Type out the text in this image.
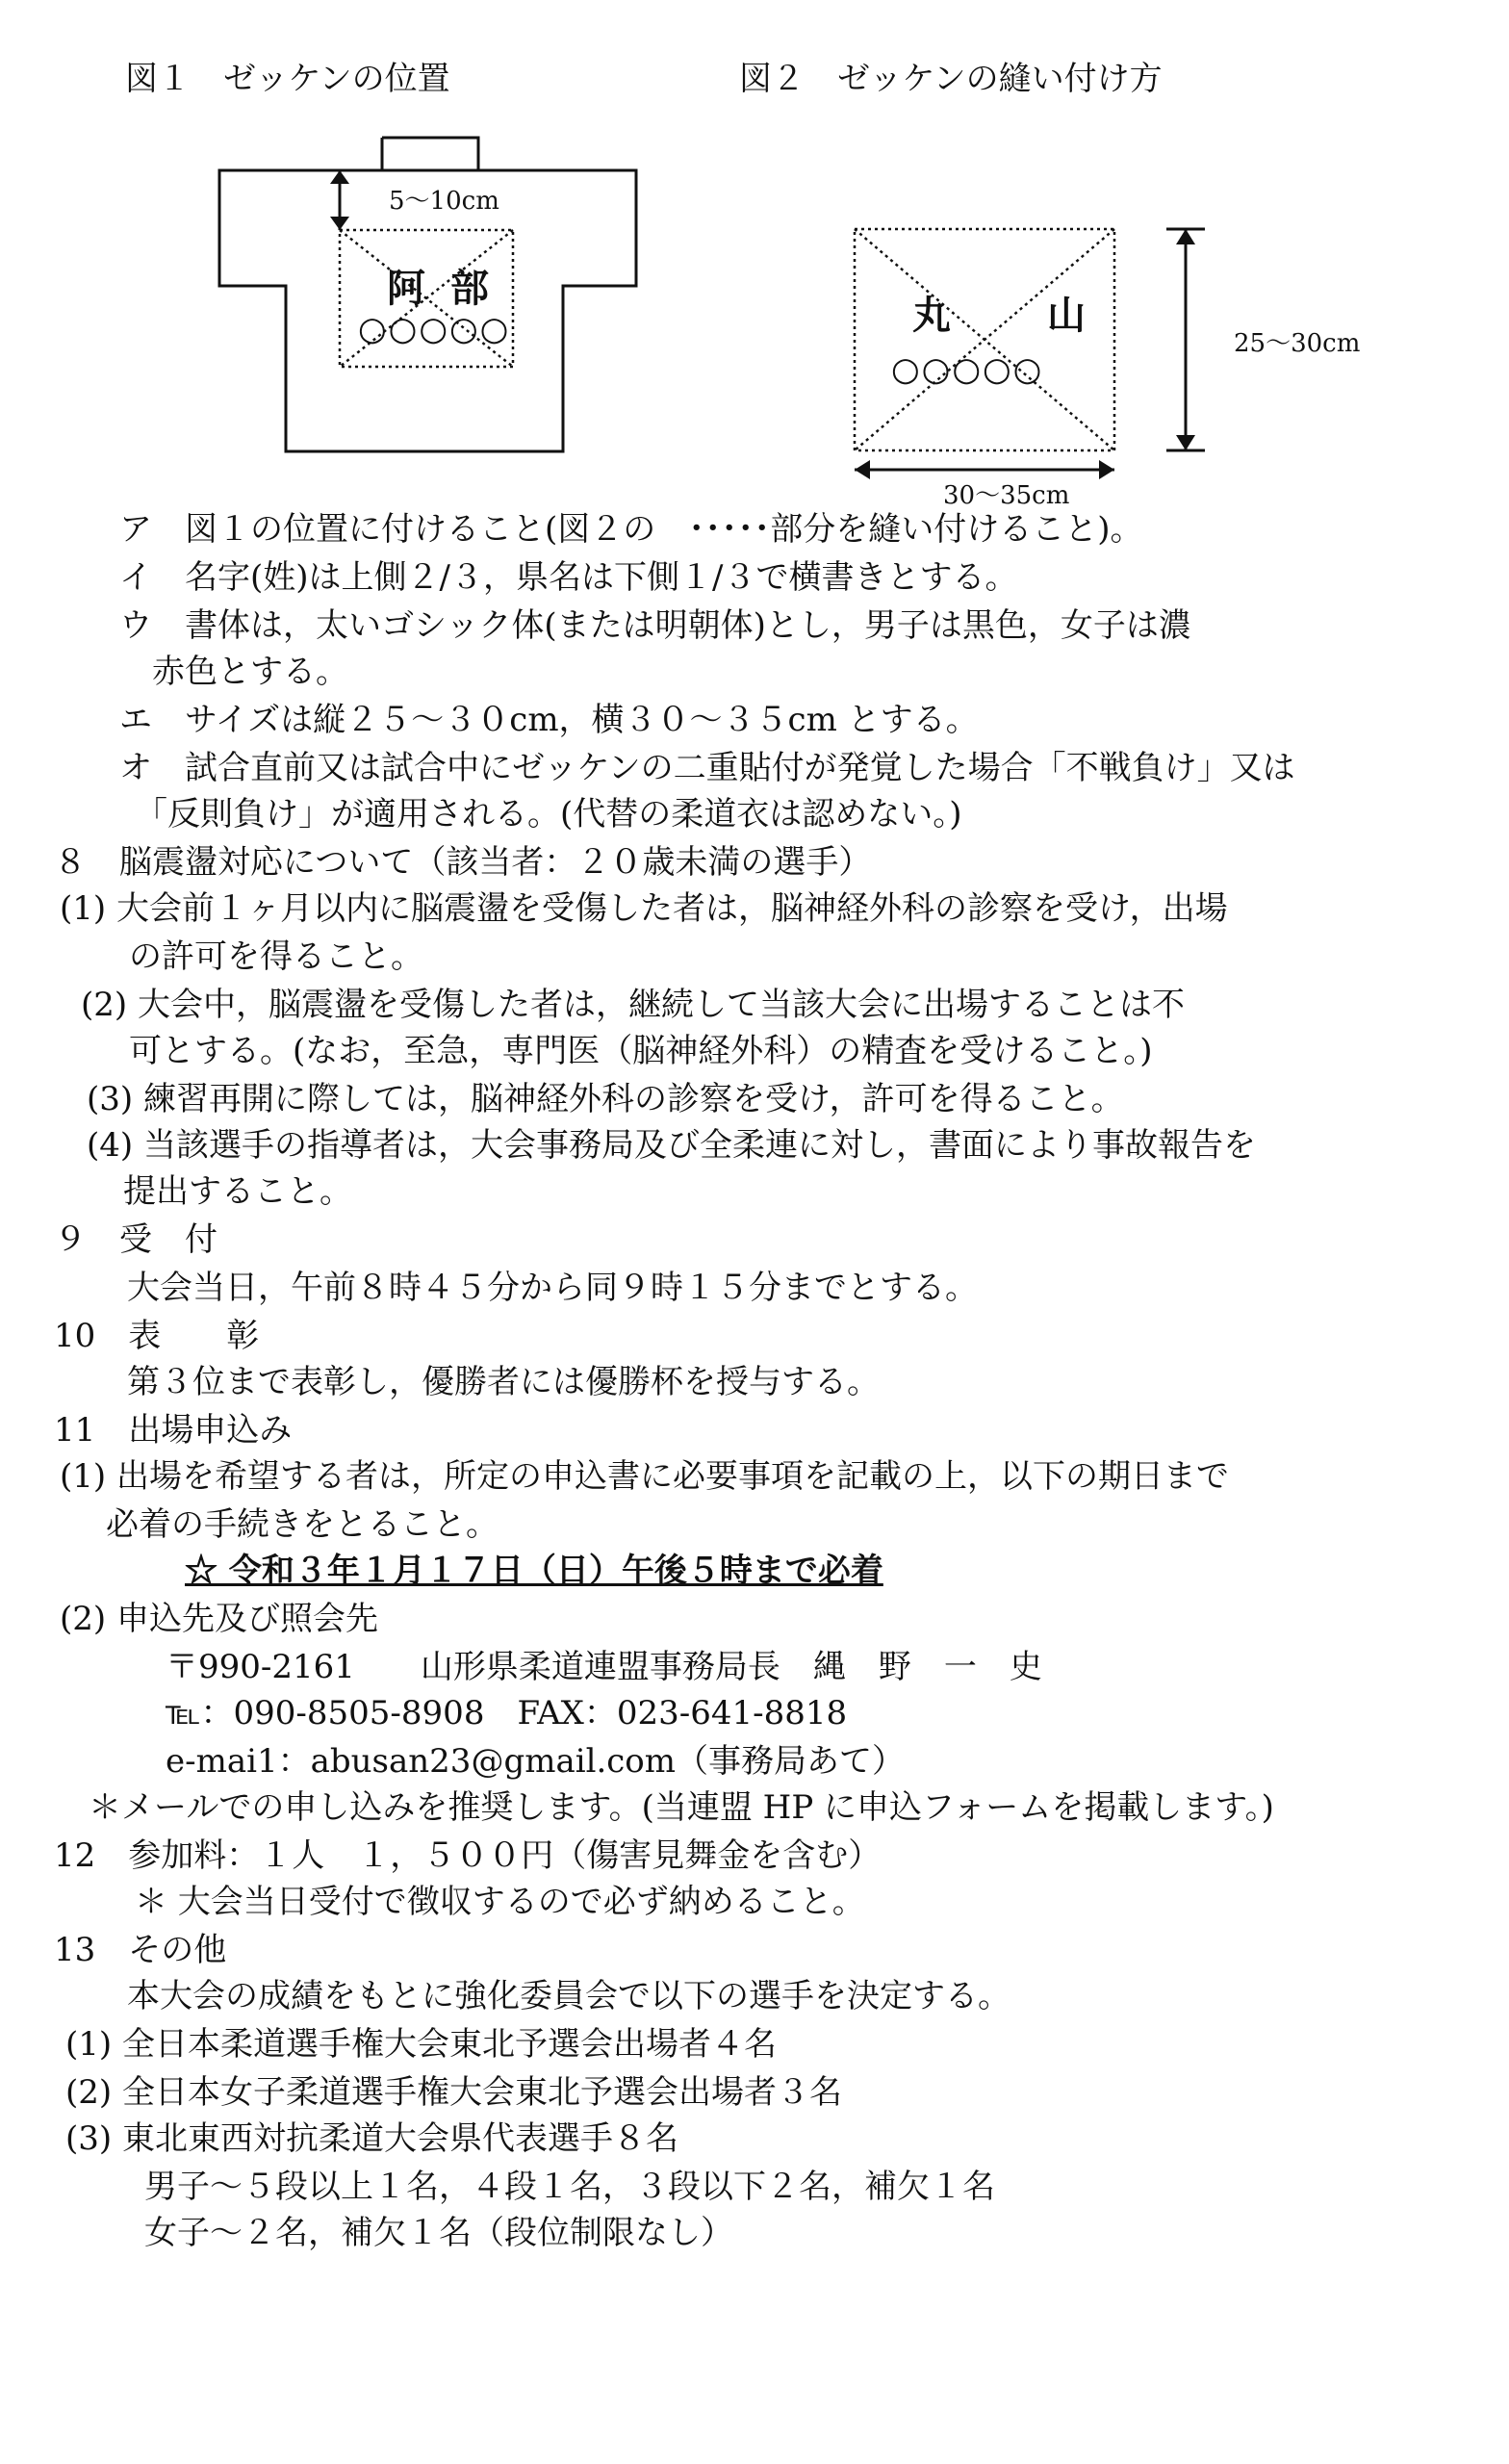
図１　ゼッケンの位置	図２　ゼッケンの縫い付け方
5～10cm
阿 部
○○○○○	丸	山
○○○○○
25～30cm
30～35cm
ア　図１の位置に付けること(図２の　･････部分を縫い付けること)。
イ　名字(姓)は上側２/３，県名は下側１/３で横書きとする。
ウ　書体は，太いゴシック体(または明朝体)とし，男子は黒色，女子は濃
赤色とする。
エ　サイズは縦２５～３０cm，横３０～３５cm とする。
オ　試合直前又は試合中にゼッケンの二重貼付が発覚した場合「不戦負け」又は
「反則負け」が適用される。(代替の柔道衣は認めない。)
８　脳震盪対応について（該当者：２０歳未満の選手）
(1) 大会前１ヶ月以内に脳震盪を受傷した者は，脳神経外科の診察を受け，出場
の許可を得ること。
(2) 大会中，脳震盪を受傷した者は，継続して当該大会に出場することは不
可とする。(なお，至急，専門医（脳神経外科）の精査を受けること。)
(3) 練習再開に際しては，脳神経外科の診察を受け，許可を得ること。
(4) 当該選手の指導者は，大会事務局及び全柔連に対し，書面により事故報告を
提出すること。
９　受　付
大会当日，午前８時４５分から同９時１５分までとする。
10　表　　彰
第３位まで表彰し，優勝者には優勝杯を授与する。
11　出場申込み
(1) 出場を希望する者は，所定の申込書に必要事項を記載の上，以下の期日まで
必着の手続きをとること。
☆ 令和３年１月１７日（日）午後５時まで必着
(2) 申込先及び照会先
〒990-2161　　山形県柔道連盟事務局長　縄　野　一　史
℡：090-8505-8908　FAX：023-641-8818
e-mai1：abusan23@gmail.com（事務局あて）
＊メールでの申し込みを推奨します。(当連盟 HP に申込フォームを掲載します。)
12　参加料：１人　１，５００円（傷害見舞金を含む）
＊ 大会当日受付で徴収するので必ず納めること。
13　その他
本大会の成績をもとに強化委員会で以下の選手を決定する。
(1) 全日本柔道選手権大会東北予選会出場者４名
(2) 全日本女子柔道選手権大会東北予選会出場者３名
(3) 東北東西対抗柔道大会県代表選手８名
男子～５段以上１名，４段１名，３段以下２名，補欠１名
女子～２名，補欠１名（段位制限なし）
